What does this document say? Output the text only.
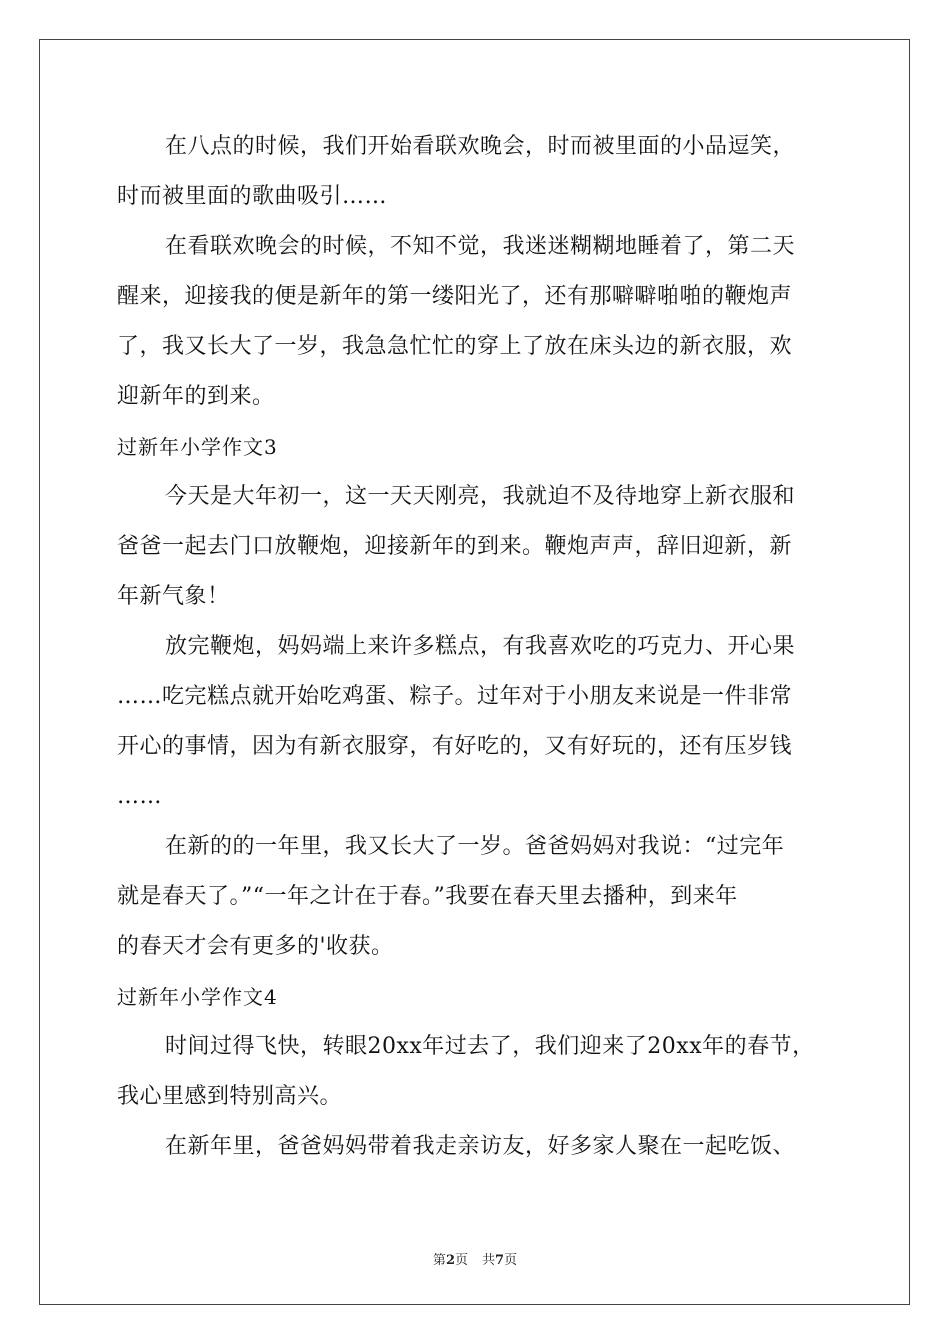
在八点的时候，我们开始看联欢晚会，时而被里面的小品逗笑，
时而被里面的歌曲吸引……
在看联欢晚会的时候，不知不觉，我迷迷糊糊地睡着了，第二天
醒来，迎接我的便是新年的第一缕阳光了，还有那噼噼啪啪的鞭炮声
了，我又长大了一岁，我急急忙忙的穿上了放在床头边的新衣服，欢
迎新年的到来。
过新年小学作文3
今天是大年初一，这一天天刚亮，我就迫不及待地穿上新衣服和
爸爸一起去门口放鞭炮，迎接新年的到来。鞭炮声声，辞旧迎新，新
年新气象！
放完鞭炮，妈妈端上来许多糕点，有我喜欢吃的巧克力、开心果
……吃完糕点就开始吃鸡蛋、粽子。过年对于小朋友来说是一件非常
开心的事情，因为有新衣服穿，有好吃的，又有好玩的，还有压岁钱
……
在新的的一年里，我又长大了一岁。爸爸妈妈对我说：“过完年
就是春天了。”“一年之计在于春。”我要在春天里去播种，到来年
的春天才会有更多的'收获。
过新年小学作文4
时间过得飞快，转眼20xx年过去了，我们迎来了20xx年的春节，
我心里感到特别高兴。
在新年里，爸爸妈妈带着我走亲访友，好多家人聚在一起吃饭、
第2页 共7页
